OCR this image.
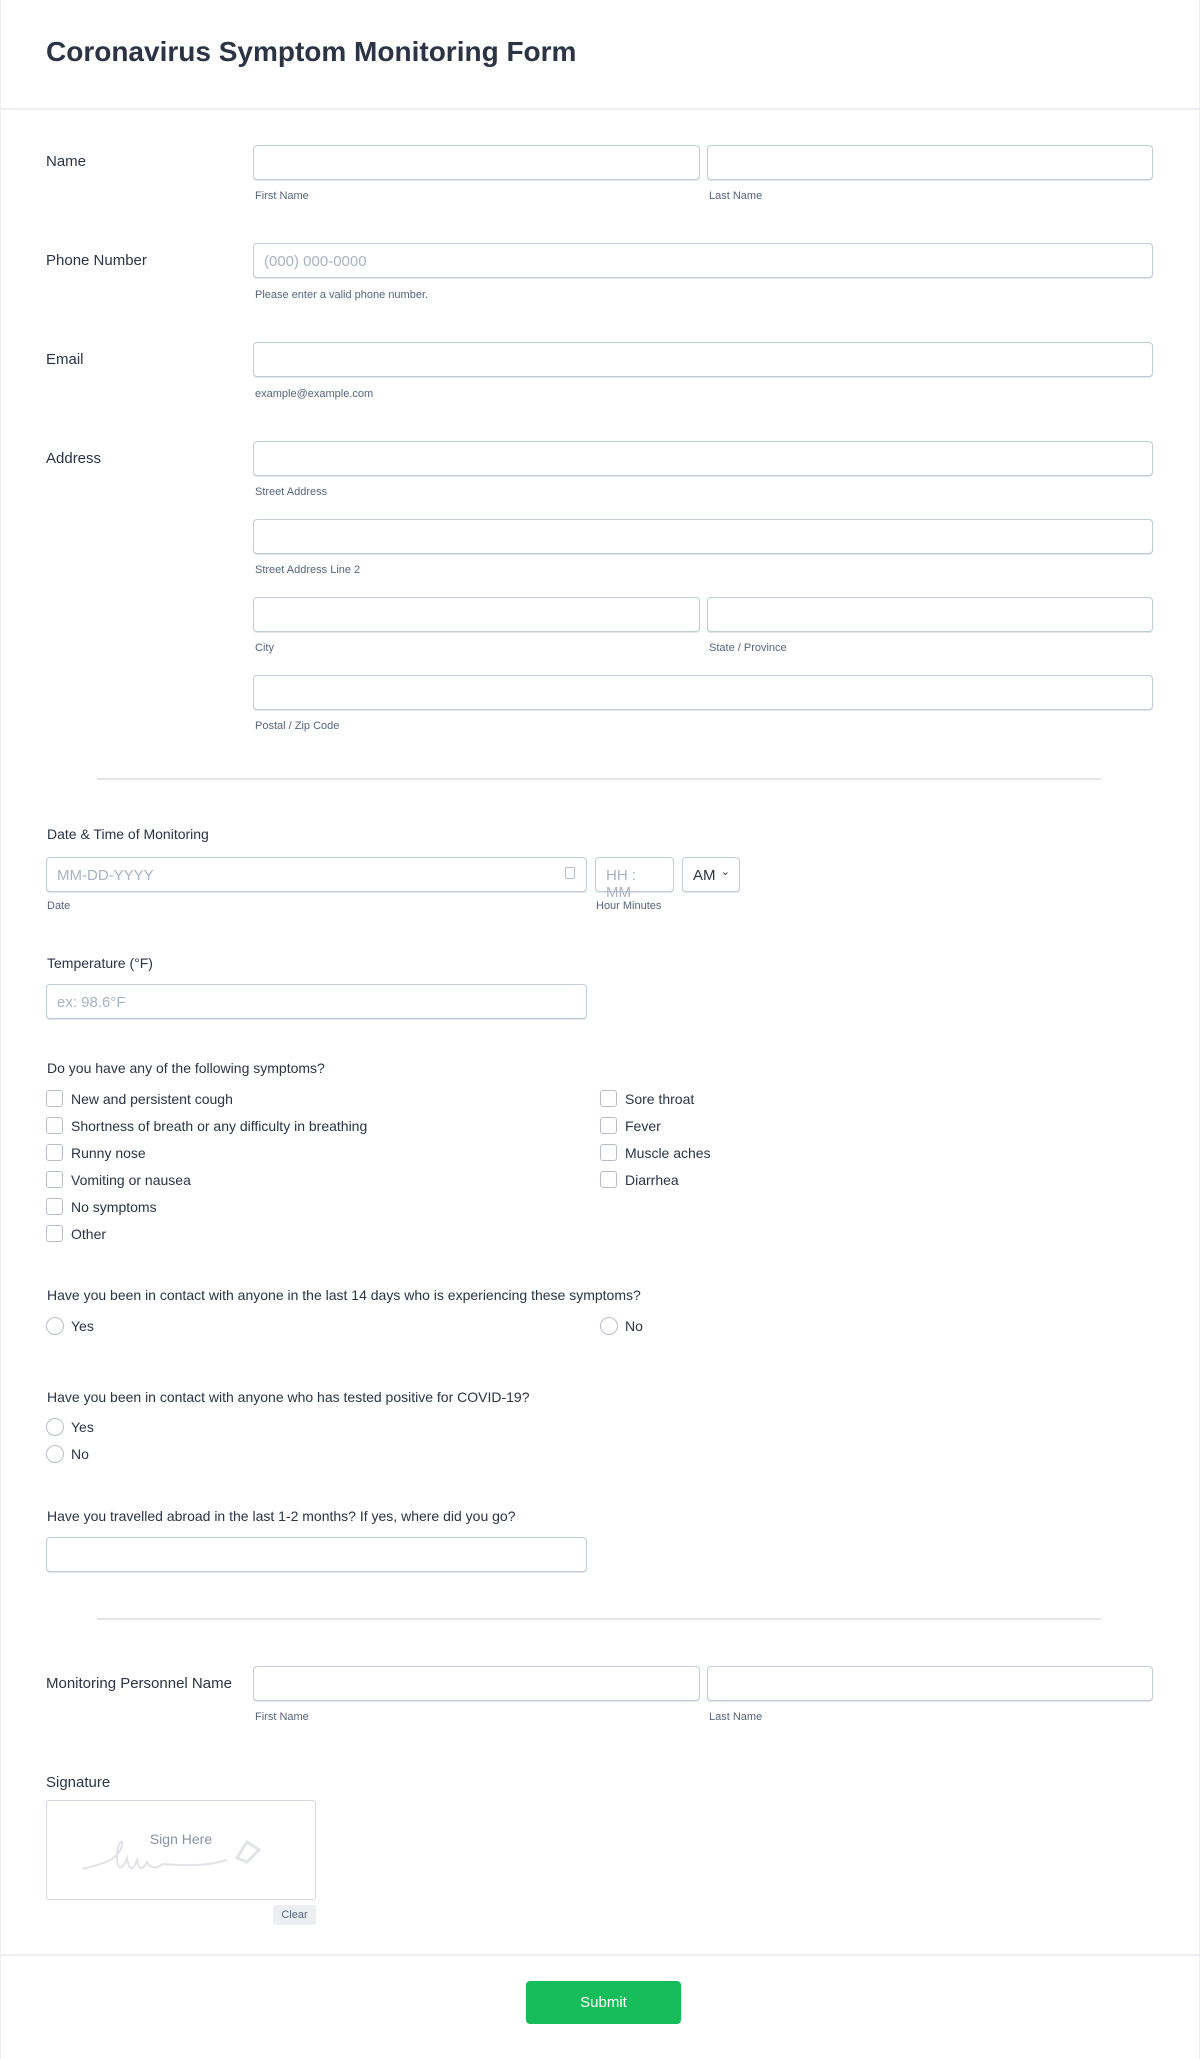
Coronavirus Symptom Monitoring Form
Name
First Name	Last Name
Phone Number	(000) 000-0000
Please enter a valid phone number.
Email
example@example.com
Address
Street Address
Street Address Line 2
City	State / Province
Postal / Zip Code
Date & Time of Monitoring
MM-DD-YYYY	HH : MM
AM ⌄
Date	Hour Minutes
Temperature (°F)
ex: 98.6°F
Do you have any of the following symptoms?
New and persistent cough
Shortness of breath or any difficulty in breathing
Runny nose
Vomiting or nausea
No symptoms
Other
Sore throat
Fever
Muscle aches
Diarrhea
Have you been in contact with anyone in the last 14 days who is experiencing these symptoms?
Yes	No
Have you been in contact with anyone who has tested positive for COVID-19?
Yes
No
Have you travelled abroad in the last 1-2 months? If yes, where did you go?
Monitoring Personnel Name
First Name	Last Name
Signature
Sign Here
Clear
Submit
